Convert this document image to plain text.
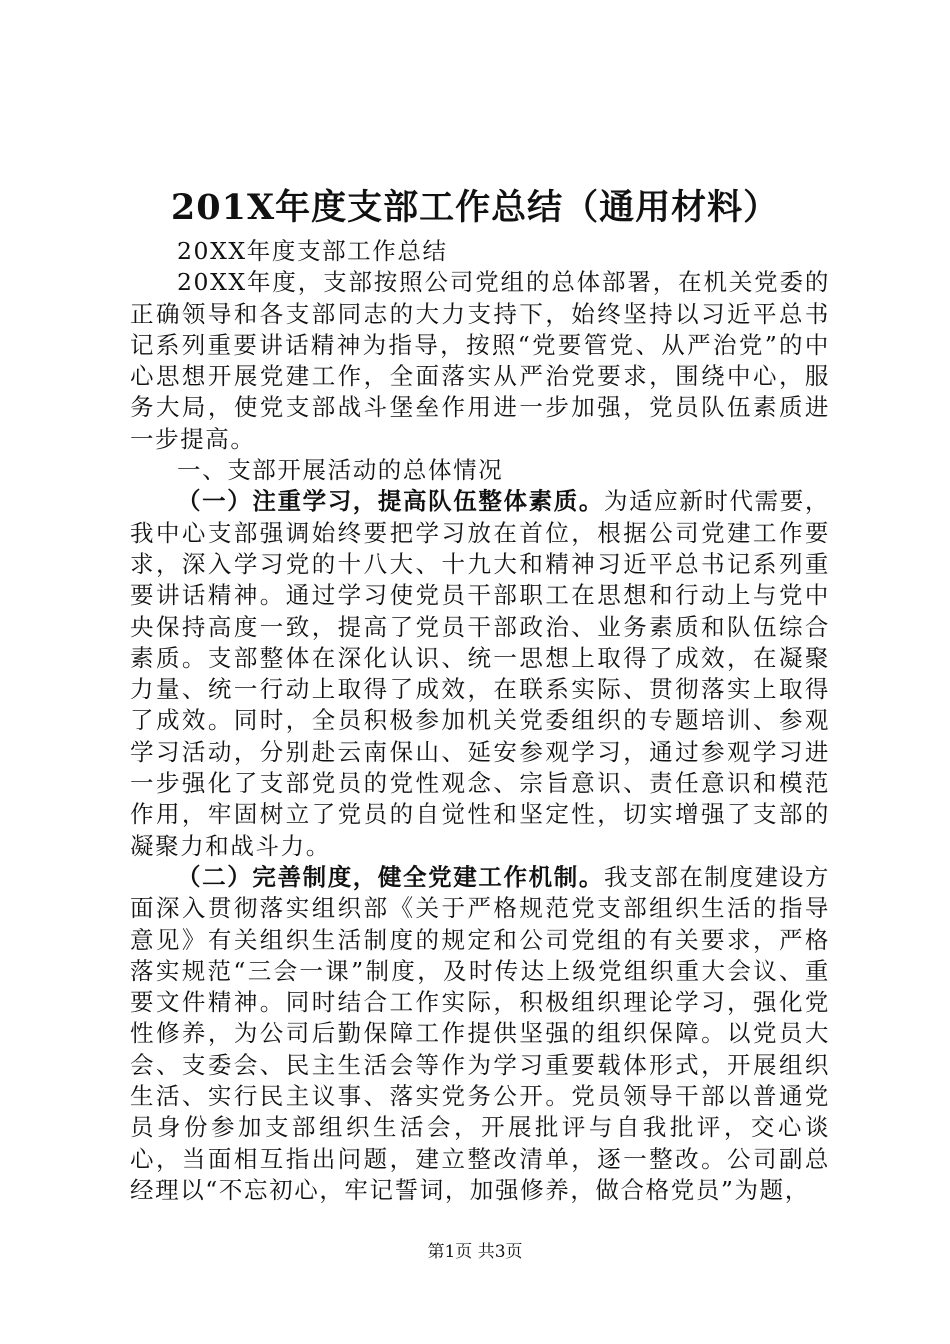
201X年度支部工作总结（通用材料）

20XX年度支部工作总结

20XX年度，支部按照公司党组的总体部署，在机关党委的正确领导和各支部同志的大力支持下，始终坚持以习近平总书记系列重要讲话精神为指导，按照“党要管党、从严治党”的中心思想开展党建工作，全面落实从严治党要求，围绕中心，服务大局，使党支部战斗堡垒作用进一步加强，党员队伍素质进一步提高。

一、支部开展活动的总体情况

（一）注重学习，提高队伍整体素质。为适应新时代需要，我中心支部强调始终要把学习放在首位，根据公司党建工作要求，深入学习党的十八大、十九大和精神习近平总书记系列重要讲话精神。通过学习使党员干部职工在思想和行动上与党中央保持高度一致，提高了党员干部政治、业务素质和队伍综合素质。支部整体在深化认识、统一思想上取得了成效，在凝聚力量、统一行动上取得了成效，在联系实际、贯彻落实上取得了成效。同时，全员积极参加机关党委组织的专题培训、参观学习活动，分别赴云南保山、延安参观学习，通过参观学习进一步强化了支部党员的党性观念、宗旨意识、责任意识和模范作用，牢固树立了党员的自觉性和坚定性，切实增强了支部的凝聚力和战斗力。

（二）完善制度，健全党建工作机制。我支部在制度建设方面深入贯彻落实组织部《关于严格规范党支部组织生活的指导意见》有关组织生活制度的规定和公司党组的有关要求，严格落实规范“三会一课”制度，及时传达上级党组织重大会议、重要文件精神。同时结合工作实际，积极组织理论学习，强化党性修养，为公司后勤保障工作提供坚强的组织保障。以党员大会、支委会、民主生活会等作为学习重要载体形式，开展组织生活、实行民主议事、落实党务公开。党员领导干部以普通党员身份参加支部组织生活会，开展批评与自我批评，交心谈心，当面相互指出问题，建立整改清单，逐一整改。公司副总经理以“不忘初心，牢记誓词，加强修养，做合格党员”为题，

第1页 共3页
